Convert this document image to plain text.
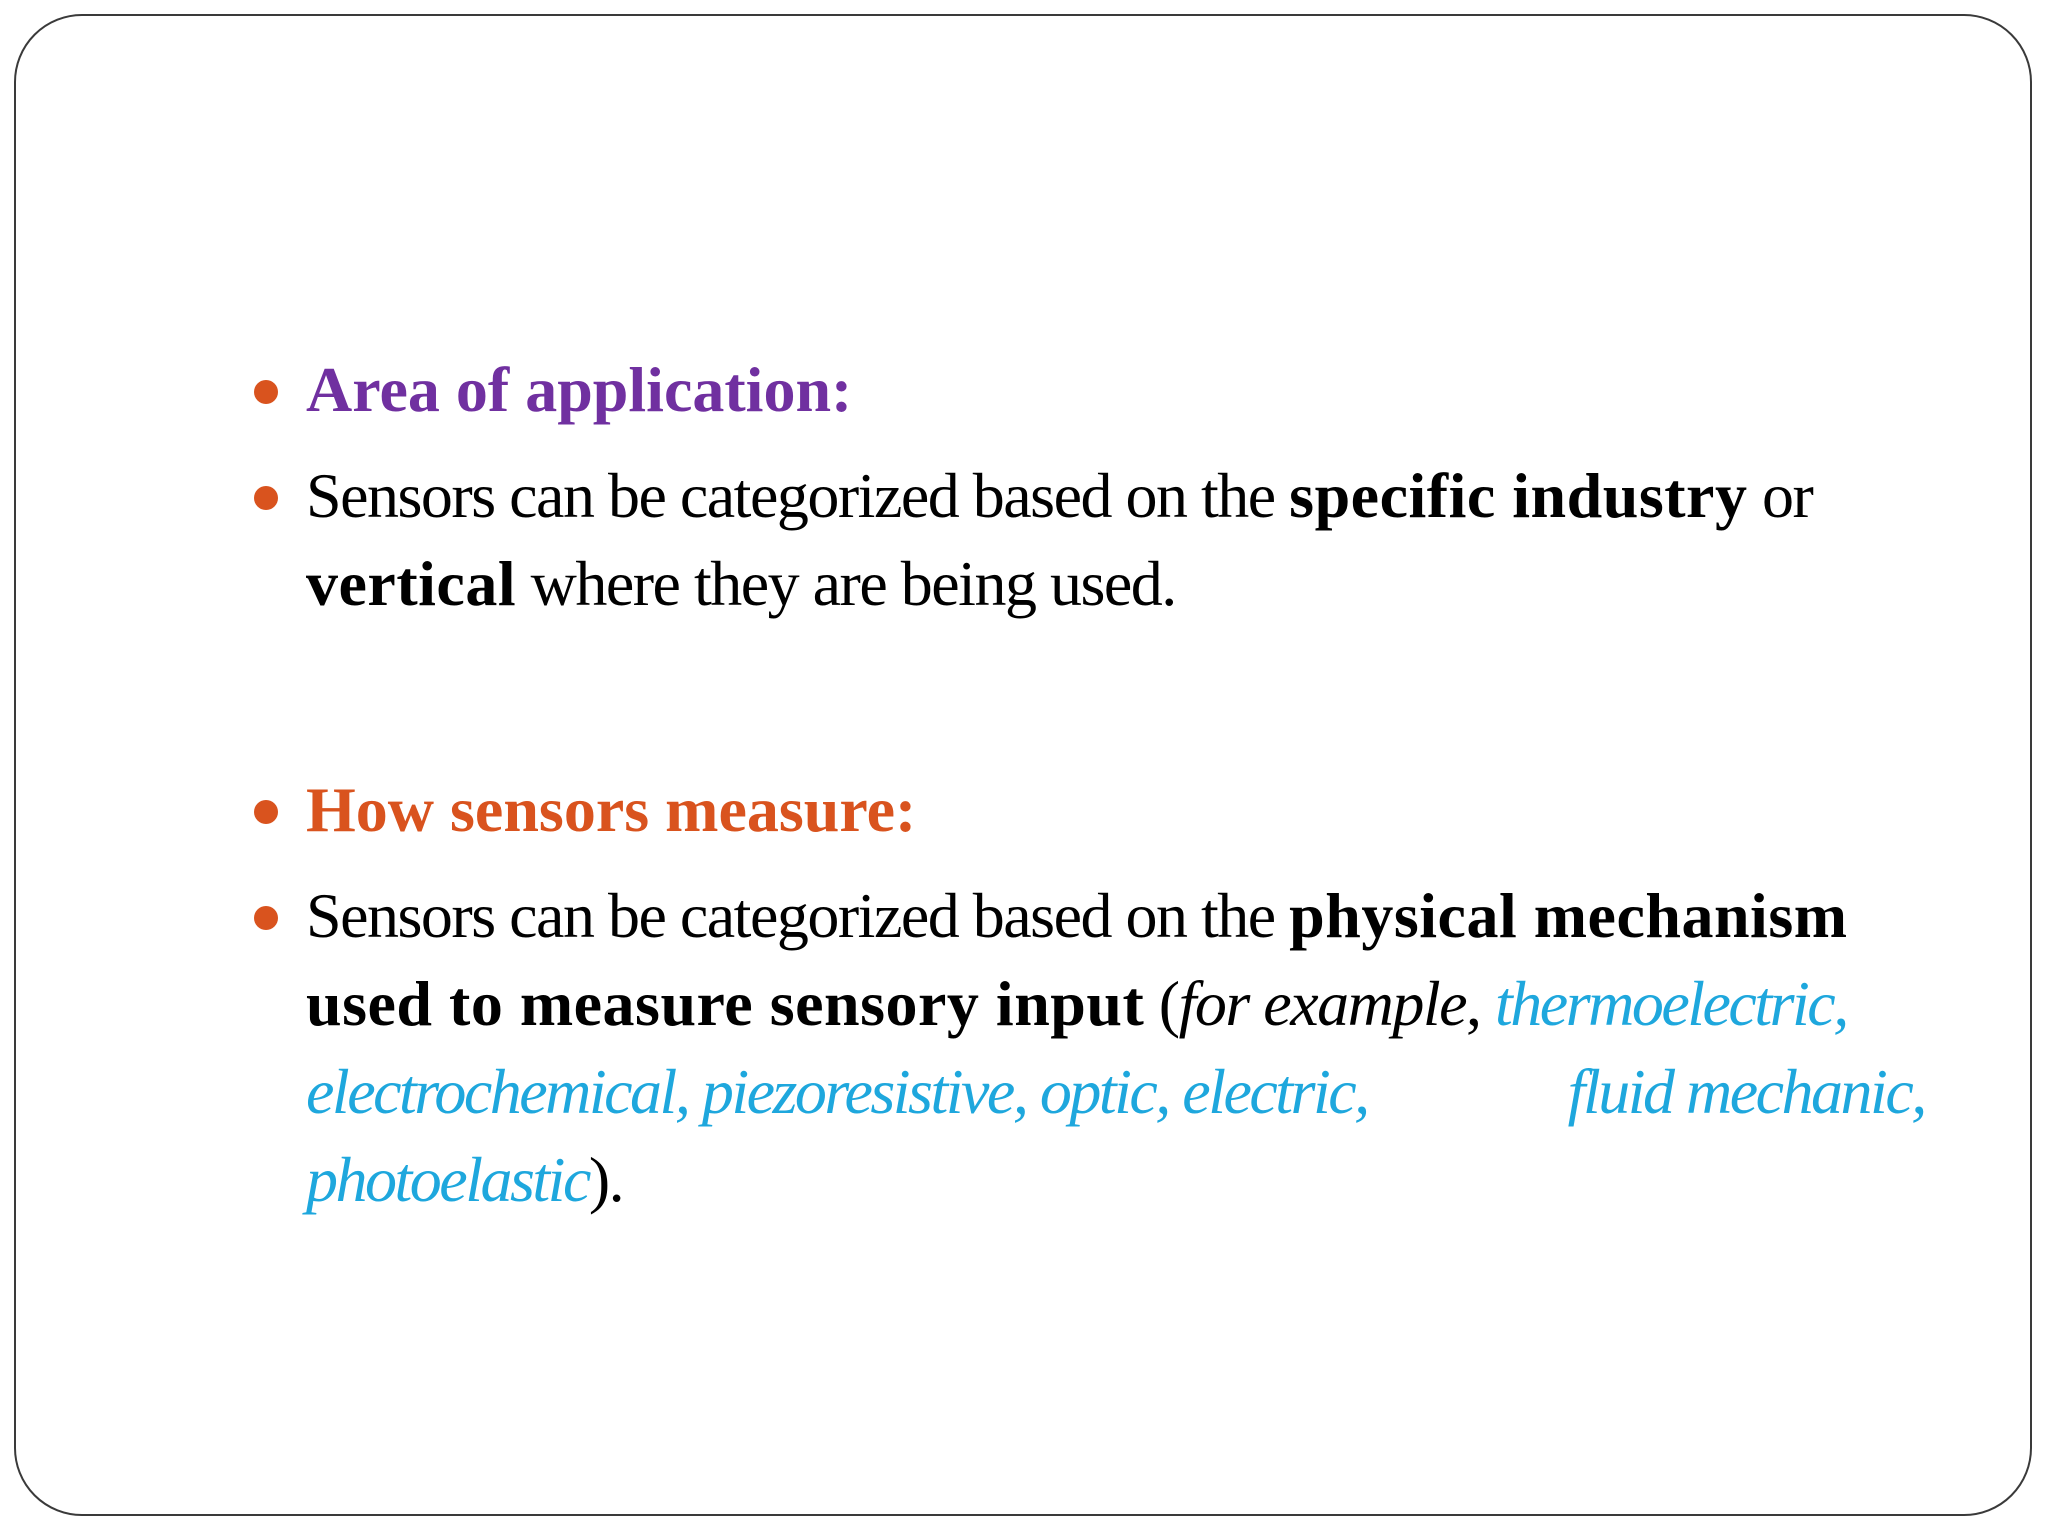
Area of application:
Sensors can be categorized based on the specific industry or vertical where they are being used.
How sensors measure:
Sensors can be categorized based on the physical mechanism used to measure sensory input (for example, thermoelectric, electrochemical, piezoresistive, optic, electric,	fluid mechanic, photoelastic).
